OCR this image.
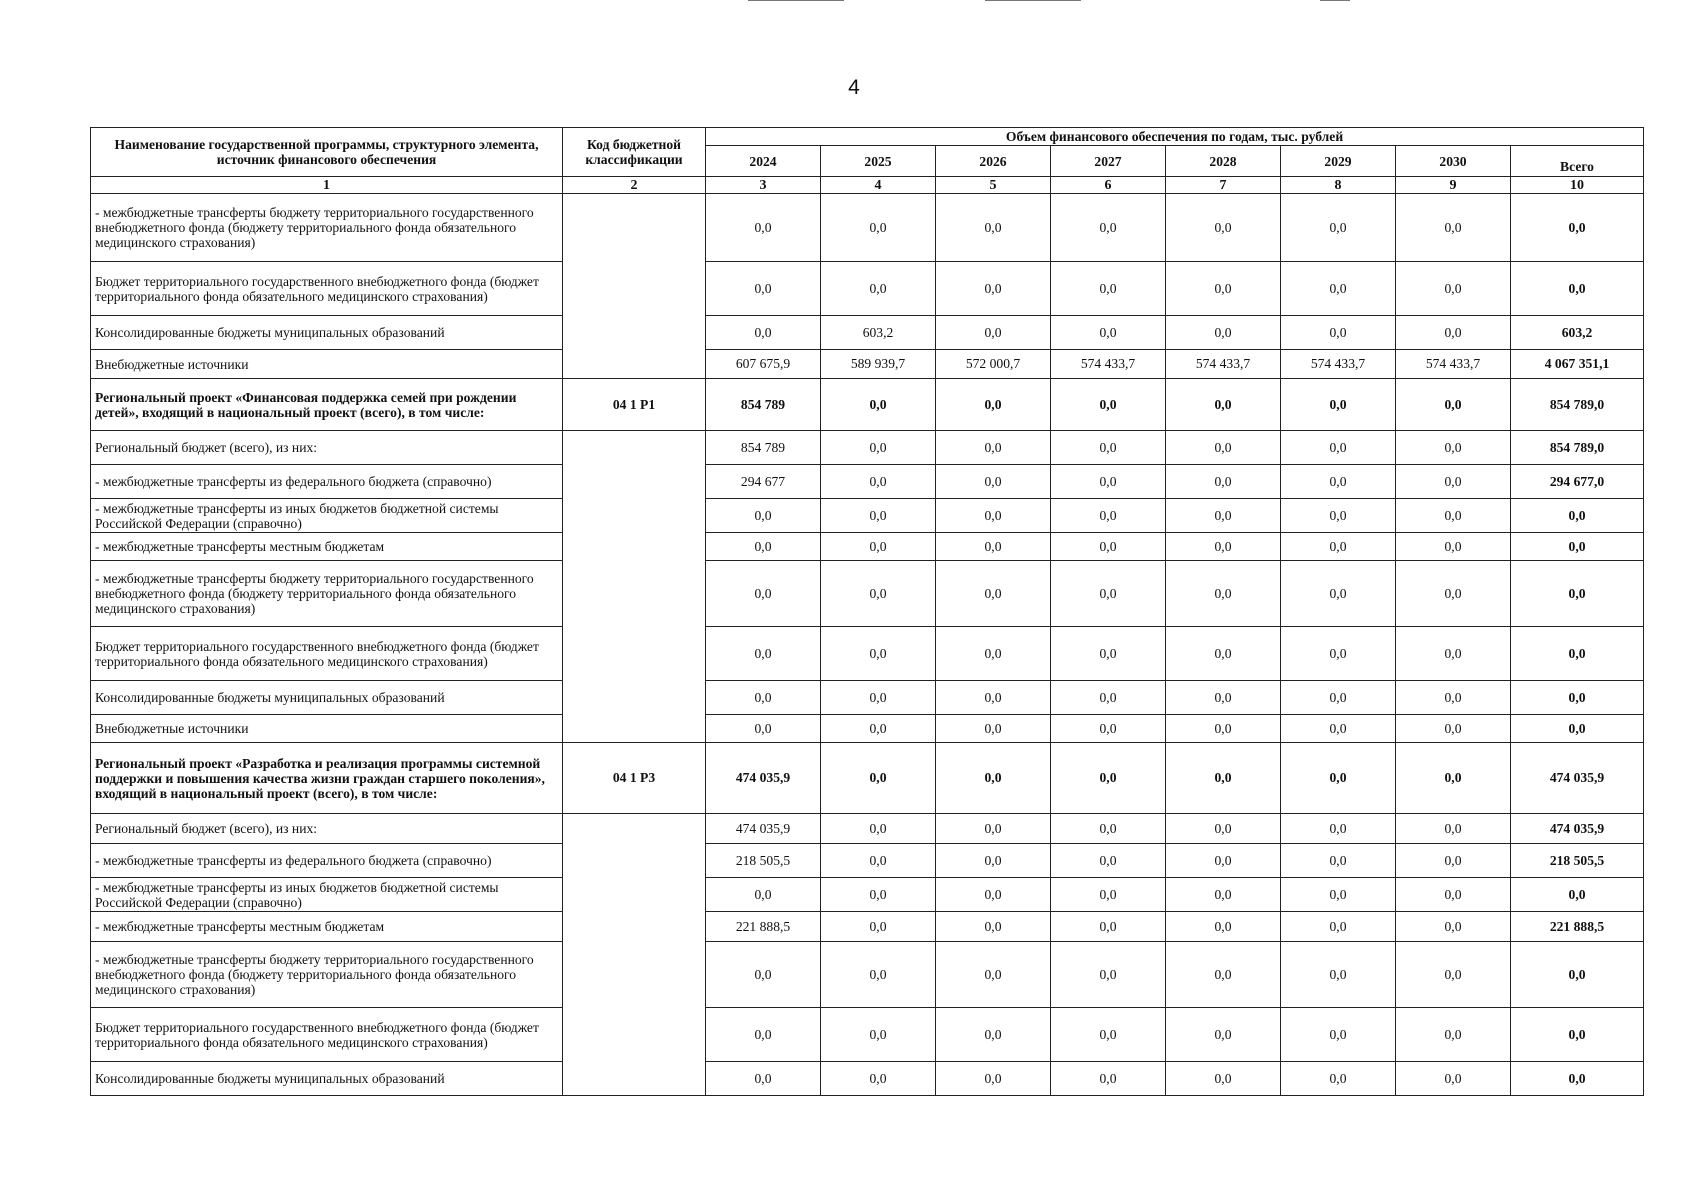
4
Наименование государственной программы, структурного элемента, источник финансового обеспечения	Код бюджетной классификации	Объем финансового обеспечения по годам, тыс. рублей							
		2024	2025	2026	2027	2028	2029	2030	Всего
1	2	3	4	5	6	7	8	9	10
- межбюджетные трансферты бюджету территориального государственного внебюджетного фонда (бюджету территориального фонда обязательного медицинского страхования)		0,0	0,0	0,0	0,0	0,0	0,0	0,0	0,0
Бюджет территориального государственного внебюджетного фонда (бюджет территориального фонда обязательного медицинского страхования)		0,0	0,0	0,0	0,0	0,0	0,0	0,0	0,0
Консолидированные бюджеты муниципальных образований		0,0	603,2	0,0	0,0	0,0	0,0	0,0	603,2
Внебюджетные источники		607 675,9	589 939,7	572 000,7	574 433,7	574 433,7	574 433,7	574 433,7	4 067 351,1
Региональный проект «Финансовая поддержка семей при рождении детей», входящий в национальный проект (всего), в том числе:	04 1 Р1	854 789	0,0	0,0	0,0	0,0	0,0	0,0	854 789,0
Региональный бюджет (всего), из них:		854 789	0,0	0,0	0,0	0,0	0,0	0,0	854 789,0
- межбюджетные трансферты из федерального бюджета (справочно)		294 677	0,0	0,0	0,0	0,0	0,0	0,0	294 677,0
- межбюджетные трансферты из иных бюджетов бюджетной системы Российской Федерации (справочно)		0,0	0,0	0,0	0,0	0,0	0,0	0,0	0,0
- межбюджетные трансферты местным бюджетам		0,0	0,0	0,0	0,0	0,0	0,0	0,0	0,0
- межбюджетные трансферты бюджету территориального государственного внебюджетного фонда (бюджету территориального фонда обязательного медицинского страхования)		0,0	0,0	0,0	0,0	0,0	0,0	0,0	0,0
Бюджет территориального государственного внебюджетного фонда (бюджет территориального фонда обязательного медицинского страхования)		0,0	0,0	0,0	0,0	0,0	0,0	0,0	0,0
Консолидированные бюджеты муниципальных образований		0,0	0,0	0,0	0,0	0,0	0,0	0,0	0,0
Внебюджетные источники		0,0	0,0	0,0	0,0	0,0	0,0	0,0	0,0
Региональный проект «Разработка и реализация программы системной поддержки и повышения качества жизни граждан старшего поколения», входящий в национальный проект (всего), в том числе:	04 1 Р3	474 035,9	0,0	0,0	0,0	0,0	0,0	0,0	474 035,9
Региональный бюджет (всего), из них:		474 035,9	0,0	0,0	0,0	0,0	0,0	0,0	474 035,9
- межбюджетные трансферты из федерального бюджета (справочно)		218 505,5	0,0	0,0	0,0	0,0	0,0	0,0	218 505,5
- межбюджетные трансферты из иных бюджетов бюджетной системы Российской Федерации (справочно)		0,0	0,0	0,0	0,0	0,0	0,0	0,0	0,0
- межбюджетные трансферты местным бюджетам		221 888,5	0,0	0,0	0,0	0,0	0,0	0,0	221 888,5
- межбюджетные трансферты бюджету территориального государственного внебюджетного фонда (бюджету территориального фонда обязательного медицинского страхования)		0,0	0,0	0,0	0,0	0,0	0,0	0,0	0,0
Бюджет территориального государственного внебюджетного фонда (бюджет территориального фонда обязательного медицинского страхования)		0,0	0,0	0,0	0,0	0,0	0,0	0,0	0,0
Консолидированные бюджеты муниципальных образований		0,0	0,0	0,0	0,0	0,0	0,0	0,0	0,0
